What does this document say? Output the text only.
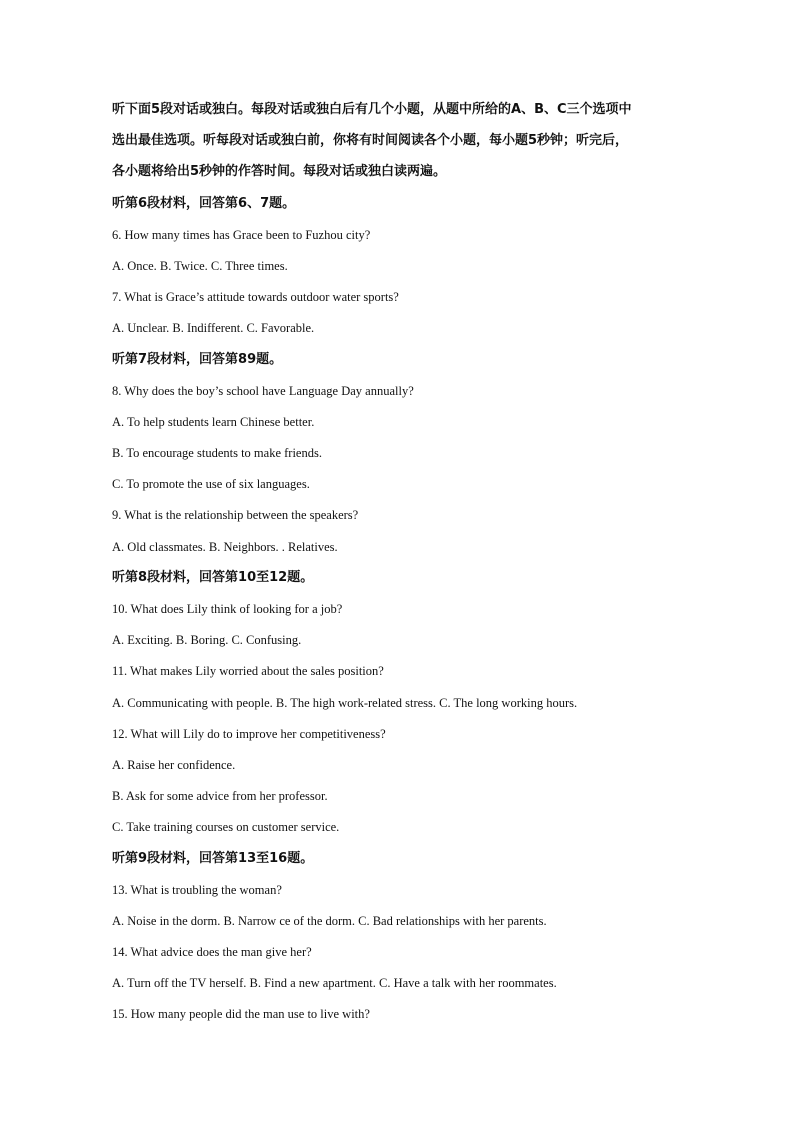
听下面5段对话或独白。每段对话或独白后有几个小题，从题中所给的A、B、C三个选项中
选出最佳选项。听每段对话或独白前，你将有时间阅读各个小题，每小题5秒钟；听完后，
各小题将给出5秒钟的作答时间。每段对话或独白读两遍。
听第6段材料，回答第6、7题。
6. How many times has Grace been to Fuzhou city?
A. Once. B. Twice. C. Three times.
7. What is Grace’s attitude towards outdoor water sports?
A. Unclear. B. Indifferent. C. Favorable.
听第7段材料，回答第89题。
8. Why does the boy’s school have Language Day annually?
A. To help students learn Chinese better.
B. To encourage students to make friends.
C. To promote the use of six languages.
9. What is the relationship between the speakers?
A. Old classmates. B. Neighbors. . Relatives.
听第8段材料，回答第10至12题。
10. What does Lily think of looking for a job?
A. Exciting. B. Boring. C. Confusing.
11. What makes Lily worried about the sales position?
A. Communicating with people. B. The high work-related stress. C. The long working hours.
12. What will Lily do to improve her competitiveness?
A. Raise her confidence.
B. Ask for some advice from her professor.
C. Take training courses on customer service.
听第9段材料，回答第13至16题。
13. What is troubling the woman?
A. Noise in the dorm. B. Narrow ce of the dorm. C. Bad relationships with her parents.
14. What advice does the man give her?
A. Turn off the TV herself. B. Find a new apartment. C. Have a talk with her roommates.
15. How many people did the man use to live with?
